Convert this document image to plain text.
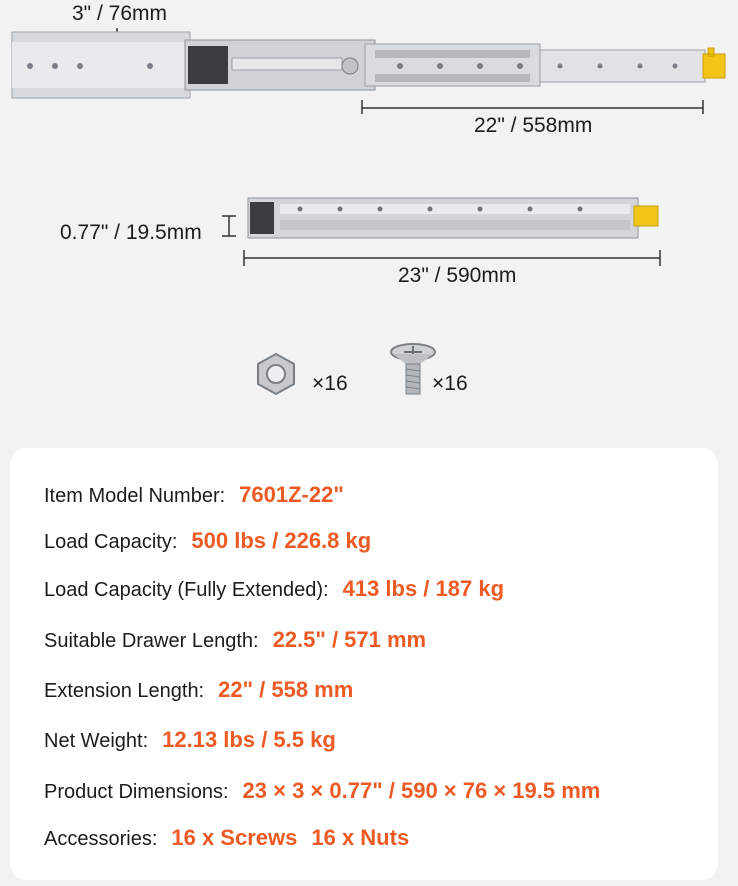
3" / 76mm
22" / 558mm
0.77" / 19.5mm
23" / 590mm
×16	×16
Item Model Number: 7601Z-22"
Load Capacity: 500 lbs / 226.8 kg
Load Capacity (Fully Extended): 413 lbs / 187 kg
Suitable Drawer Length: 22.5" / 571 mm
Extension Length: 22" / 558 mm
Net Weight: 12.13 lbs / 5.5 kg
Product Dimensions: 23 × 3 × 0.77" / 590 × 76 × 19.5 mm
Accessories: 16 x Screws 16 x Nuts
